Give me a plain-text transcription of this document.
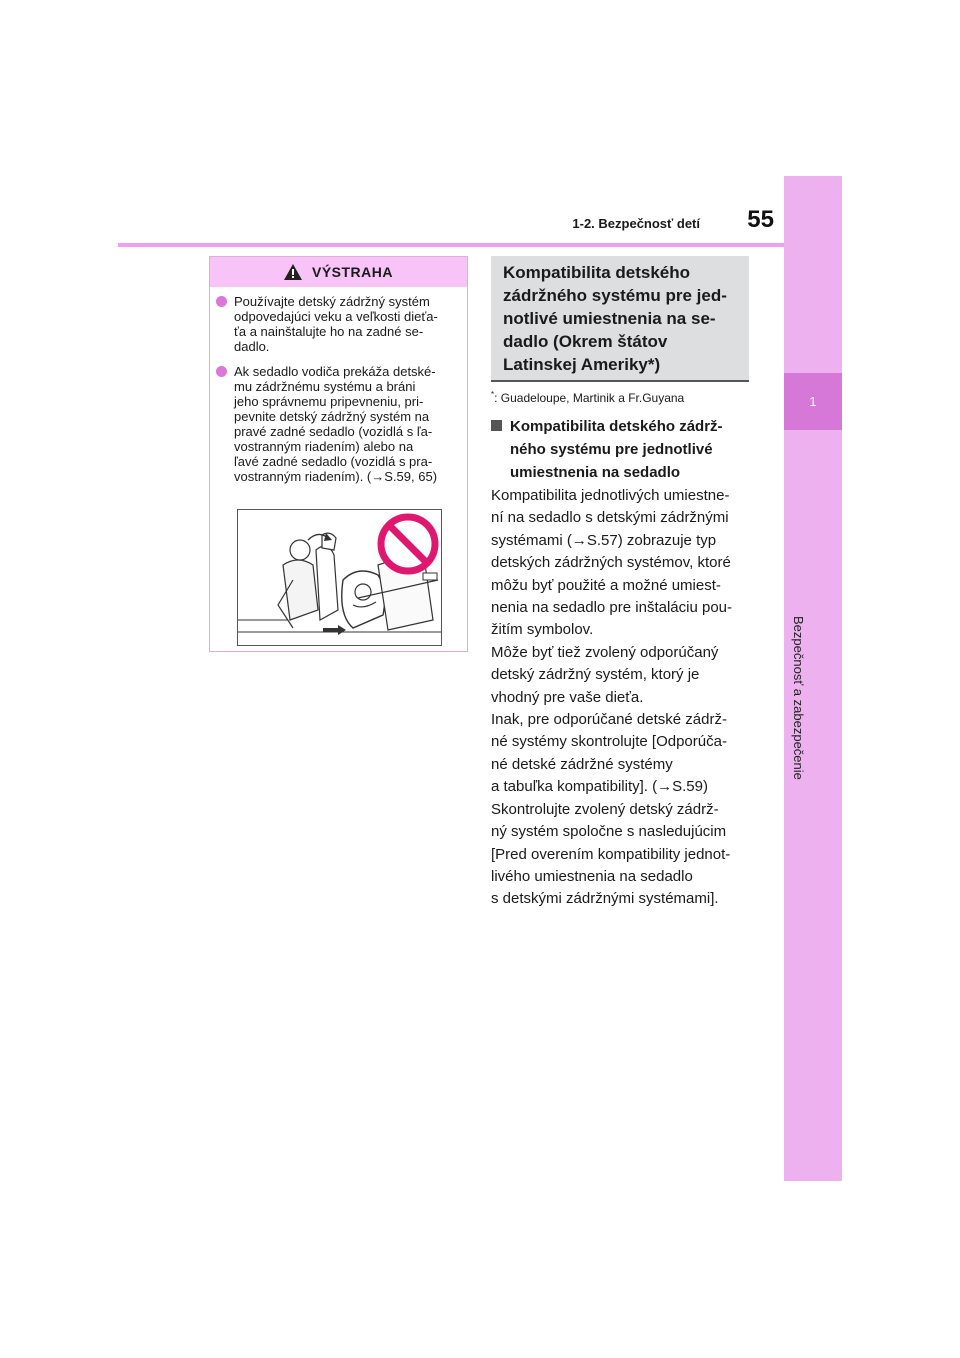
1-2. Bezpečnosť detí	55
1
Bezpečnosť a zabezpečenie
VÝSTRAHA
Používajte detský zádržný systém
odpovedajúci veku a veľkosti dieťa-
ťa a nainštalujte ho na zadné se-
dadlo.
Ak sedadlo vodiča prekáža detské-
mu zádržnému systému a bráni
jeho správnemu pripevneniu, pri-
pevnite detský zádržný systém na
pravé zadné sedadlo (vozidlá s ľa-
vostranným riadením) alebo na
ľavé zadné sedadlo (vozidlá s pra-
vostranným riadením). (→S.59, 65)
Kompatibilita detského
zádržného systému pre jed-
notlivé umiestnenia na se-
dadlo (Okrem štátov
Latinskej Ameriky*)
*: Guadeloupe, Martinik a Fr.Guyana
Kompatibilita detského zádrž-
ného systému pre jednotlivé
umiestnenia na sedadlo
Kompatibilita jednotlivých umiestne-
ní na sedadlo s detskými zádržnými
systémami (→S.57) zobrazuje typ
detských zádržných systémov, ktoré
môžu byť použité a možné umiest-
nenia na sedadlo pre inštaláciu pou-
žitím symbolov.
Môže byť tiež zvolený odporúčaný
detský zádržný systém, ktorý je
vhodný pre vaše dieťa.
Inak, pre odporúčané detské zádrž-
né systémy skontrolujte [Odporúča-
né detské zádržné systémy
a tabuľka kompatibility]. (→S.59)
Skontrolujte zvolený detský zádrž-
ný systém spoločne s nasledujúcim
[Pred overením kompatibility jednot-
livého umiestnenia na sedadlo
s detskými zádržnými systémami].
